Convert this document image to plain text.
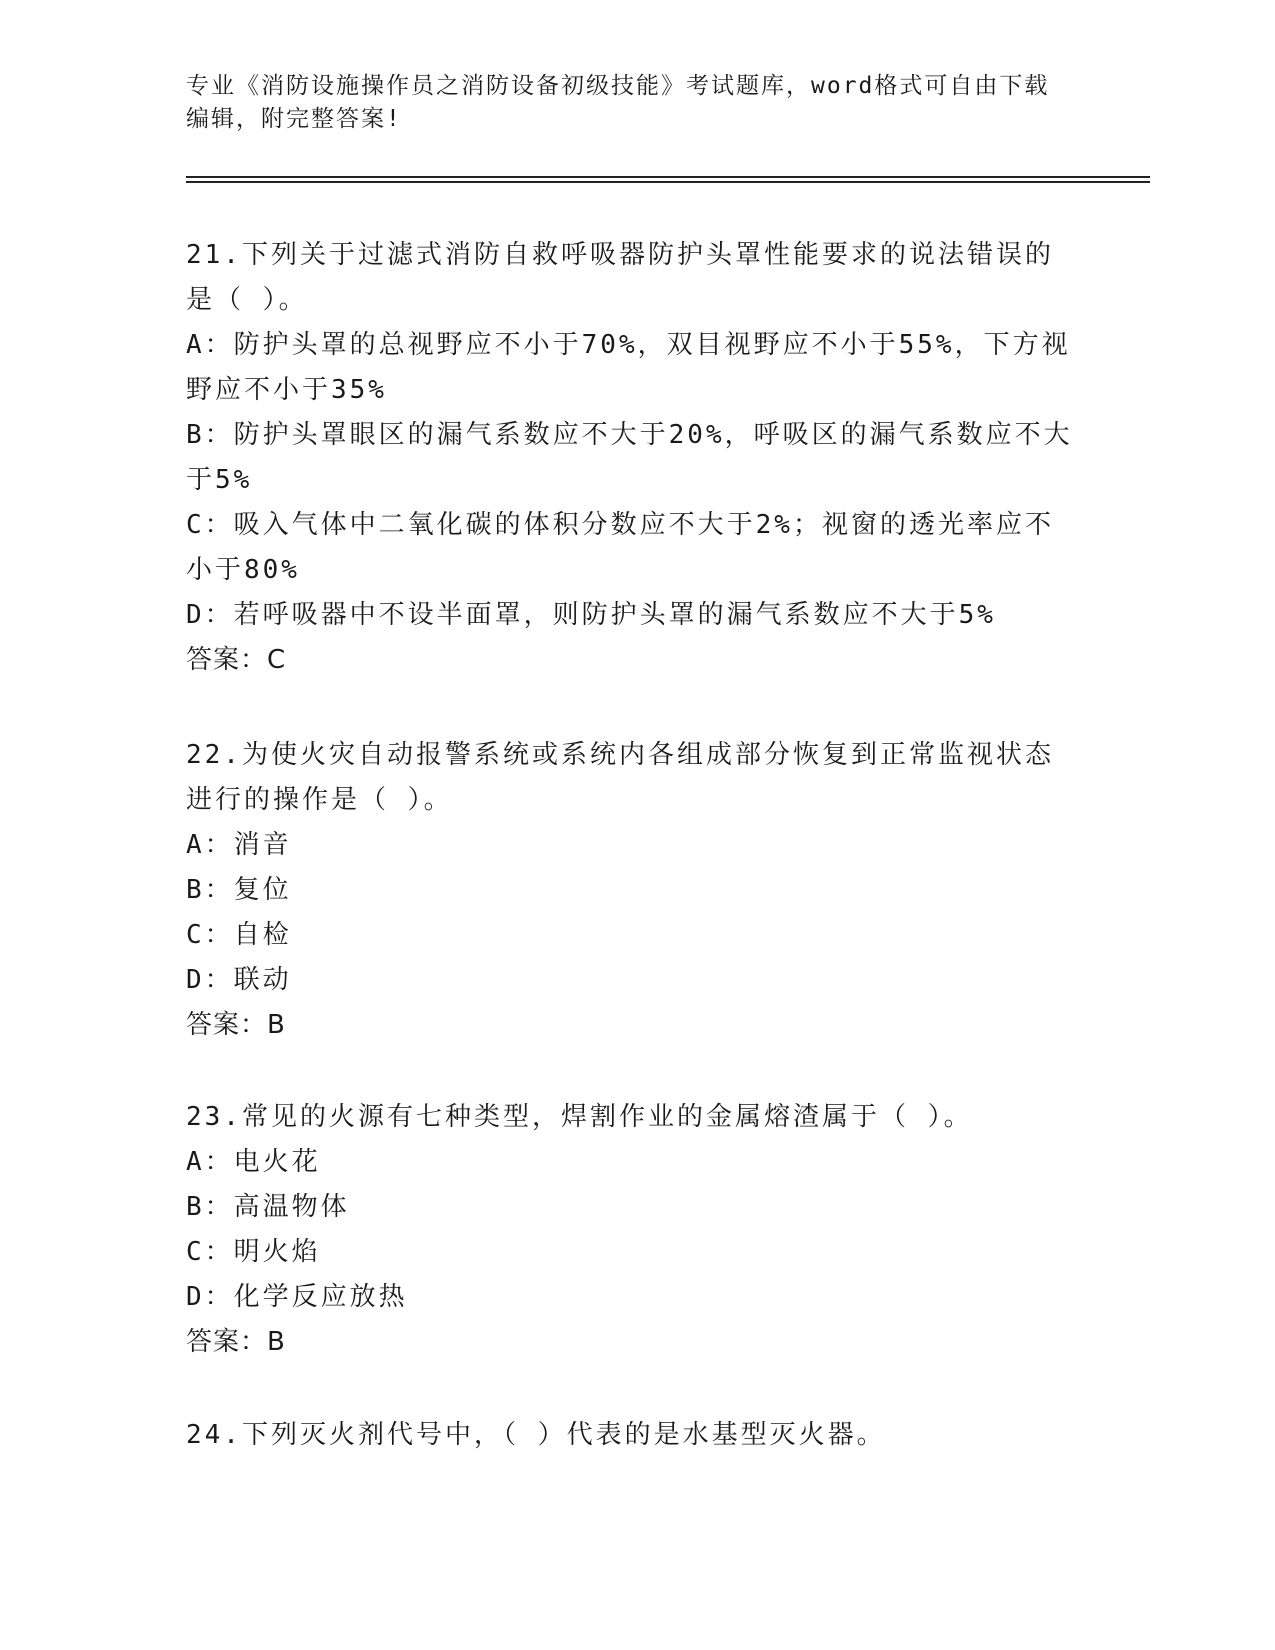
专业《消防设施操作员之消防设备初级技能》考试题库，word格式可自由下载编辑，附完整答案!

21.下列关于过滤式消防自救呼吸器防护头罩性能要求的说法错误的是（ ）。

A：防护头罩的总视野应不小于70%，双目视野应不小于55%，下方视野应不小于35%

B：防护头罩眼区的漏气系数应不大于20%，呼吸区的漏气系数应不大于5%

C：吸入气体中二氧化碳的体积分数应不大于2%；视窗的透光率应不小于80%

D：若呼吸器中不设半面罩，则防护头罩的漏气系数应不大于5%

答案：C

22.为使火灾自动报警系统或系统内各组成部分恢复到正常监视状态进行的操作是（ ）。

A：消音

B：复位

C：自检

D：联动

答案：B

23.常见的火源有七种类型，焊割作业的金属熔渣属于（ ）。

A：电火花

B：高温物体

C：明火焰

D：化学反应放热

答案：B

24.下列灭火剂代号中，（ ）代表的是水基型灭火器。
